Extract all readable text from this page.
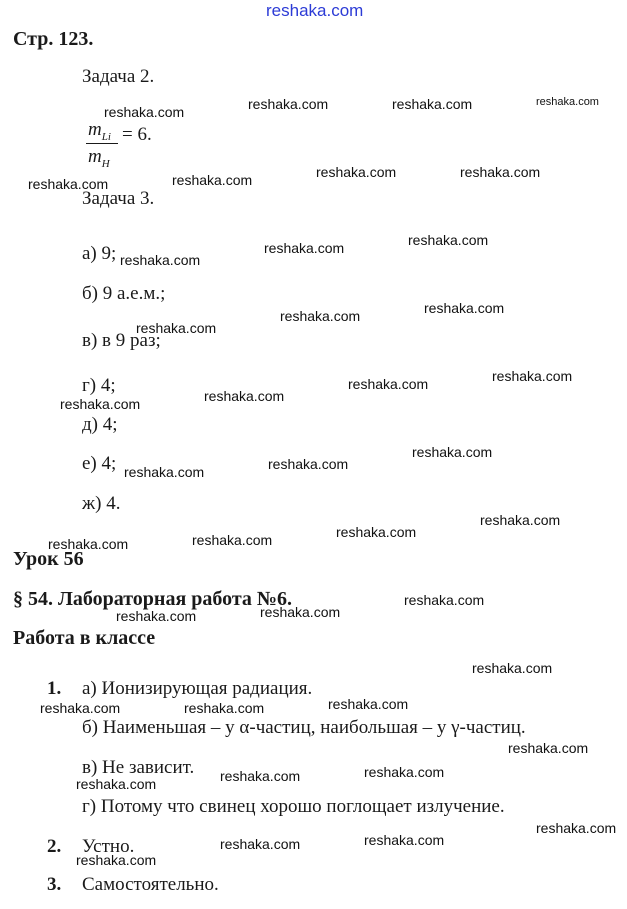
reshaka.com
Стр. 123.
Задача 2.
$m_{Li} = 6$.
$m_H$
Задача 3.
а) 9;
б) 9 а.е.м.;
в) в 9 раз;
г) 4;
д) 4;
е) 4;
ж) 4.
Урок 56
§ 54. Лабораторная работа №6.
Работа в классе
1. а) Ионизирующая радиация.
б) Наименьшая – у α-частиц, наибольшая – у γ-частиц.
в) Не зависит.
г) Потому что свинец хорошо поглощает излучение.
2. Устно.
3. Самостоятельно.
reshaka.com	reshaka.com	reshaka.com	reshaka.com
reshaka.com	reshaka.com	reshaka.com	reshaka.com
reshaka.com
reshaka.com	reshaka.com
reshaka.com	reshaka.com
reshaka.com
reshaka.com	reshaka.com
reshaka.com
reshaka.com
reshaka.com
reshaka.com
reshaka.com
reshaka.com
reshaka.com
reshaka.com
reshaka.com
reshaka.com
reshaka.com
reshaka.com
reshaka.com
reshaka.com
reshaka.com
reshaka.com
reshaka.com
reshaka.com
reshaka.com
reshaka.com
reshaka.com
reshaka.com
reshaka.com
reshaka.com
